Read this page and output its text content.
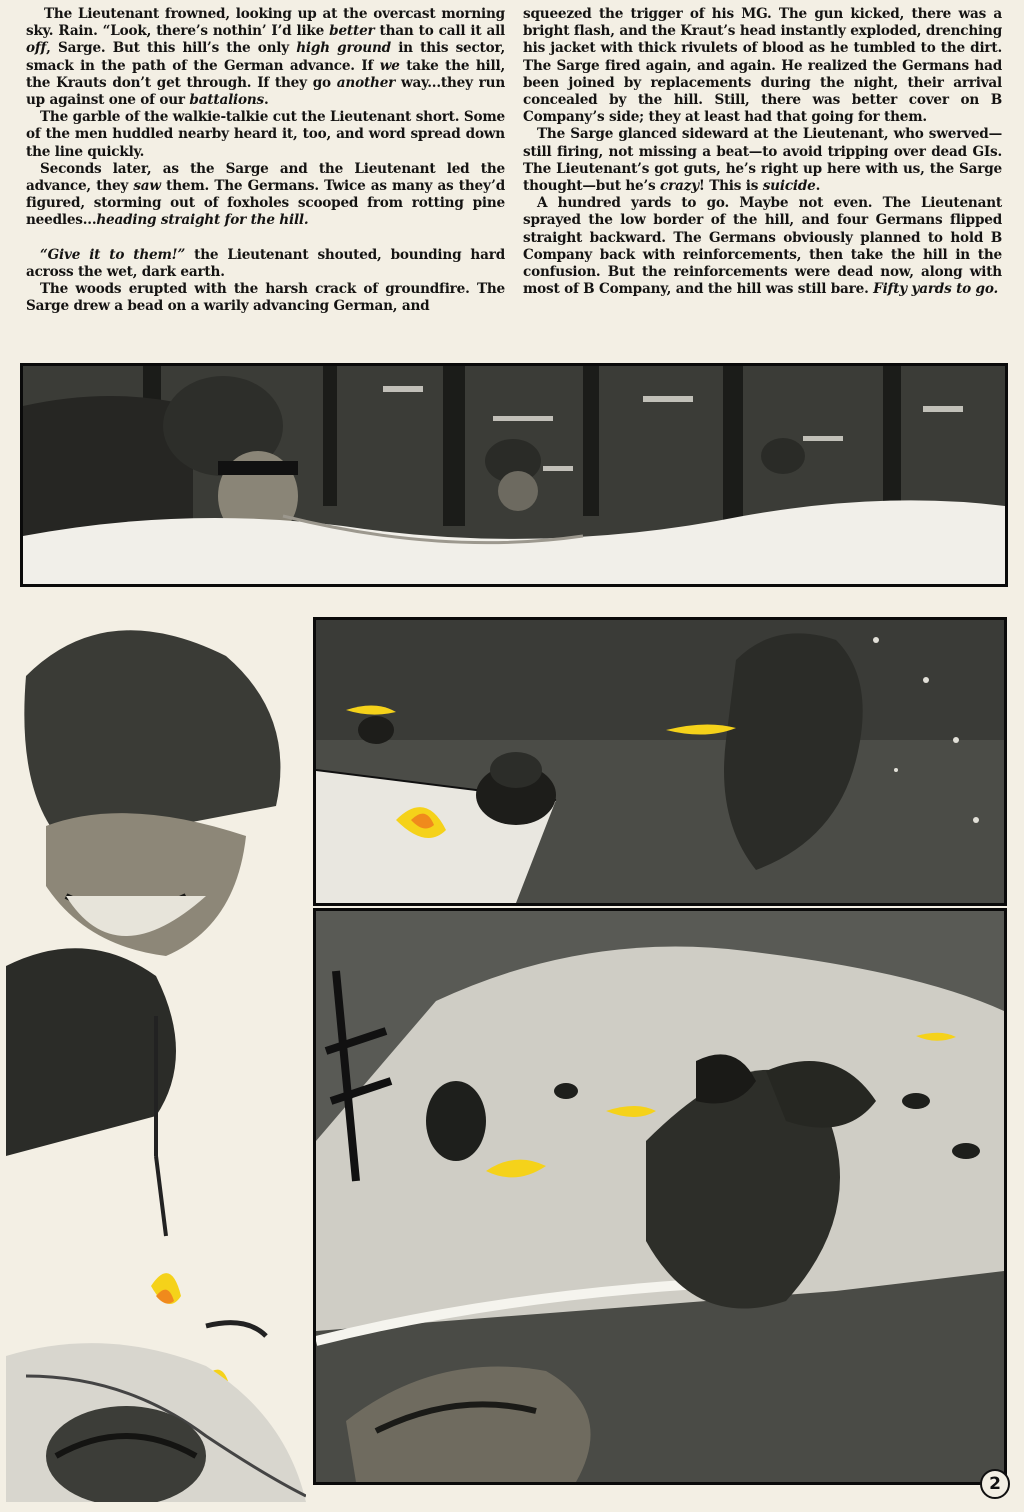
The Lieutenant frowned, looking up at the overcast morning sky. Rain. “Look, there’s nothin’ I’d like better than to call it all off, Sarge. But this hill’s the only high ground in this sector, smack in the path of the German advance. If we take the hill, the Krauts don’t get through. If they go another way...they run up against one of our battalions.

The garble of the walkie-talkie cut the Lieutenant short. Some of the men huddled nearby heard it, too, and word spread down the line quickly.

Seconds later, as the Sarge and the Lieutenant led the advance, they saw them. The Germans. Twice as many as they’d figured, storming out of foxholes scooped from rotting pine needles...heading straight for the hill.

“Give it to them!” the Lieutenant shouted, bounding hard across the wet, dark earth.

The woods erupted with the harsh crack of groundfire. The Sarge drew a bead on a warily advancing German, and

squeezed the trigger of his MG. The gun kicked, there was a bright flash, and the Kraut’s head instantly exploded, drenching his jacket with thick rivulets of blood as he tumbled to the dirt. The Sarge fired again, and again. He realized the Germans had been joined by replacements during the night, their arrival concealed by the hill. Still, there was better cover on B Company’s side; they at least had that going for them.

The Sarge glanced sideward at the Lieutenant, who swerved—still firing, not missing a beat—to avoid tripping over dead GIs. The Lieutenant’s got guts, he’s right up here with us, the Sarge thought—but he’s crazy! This is suicide.

A hundred yards to go. Maybe not even. The Lieutenant sprayed the low border of the hill, and four Germans flipped straight backward. The Germans obviously planned to hold B Company back with reinforcements, then take the hill in the confusion. But the reinforcements were dead now, along with most of B Company, and the hill was still bare. Fifty yards to go.

2
